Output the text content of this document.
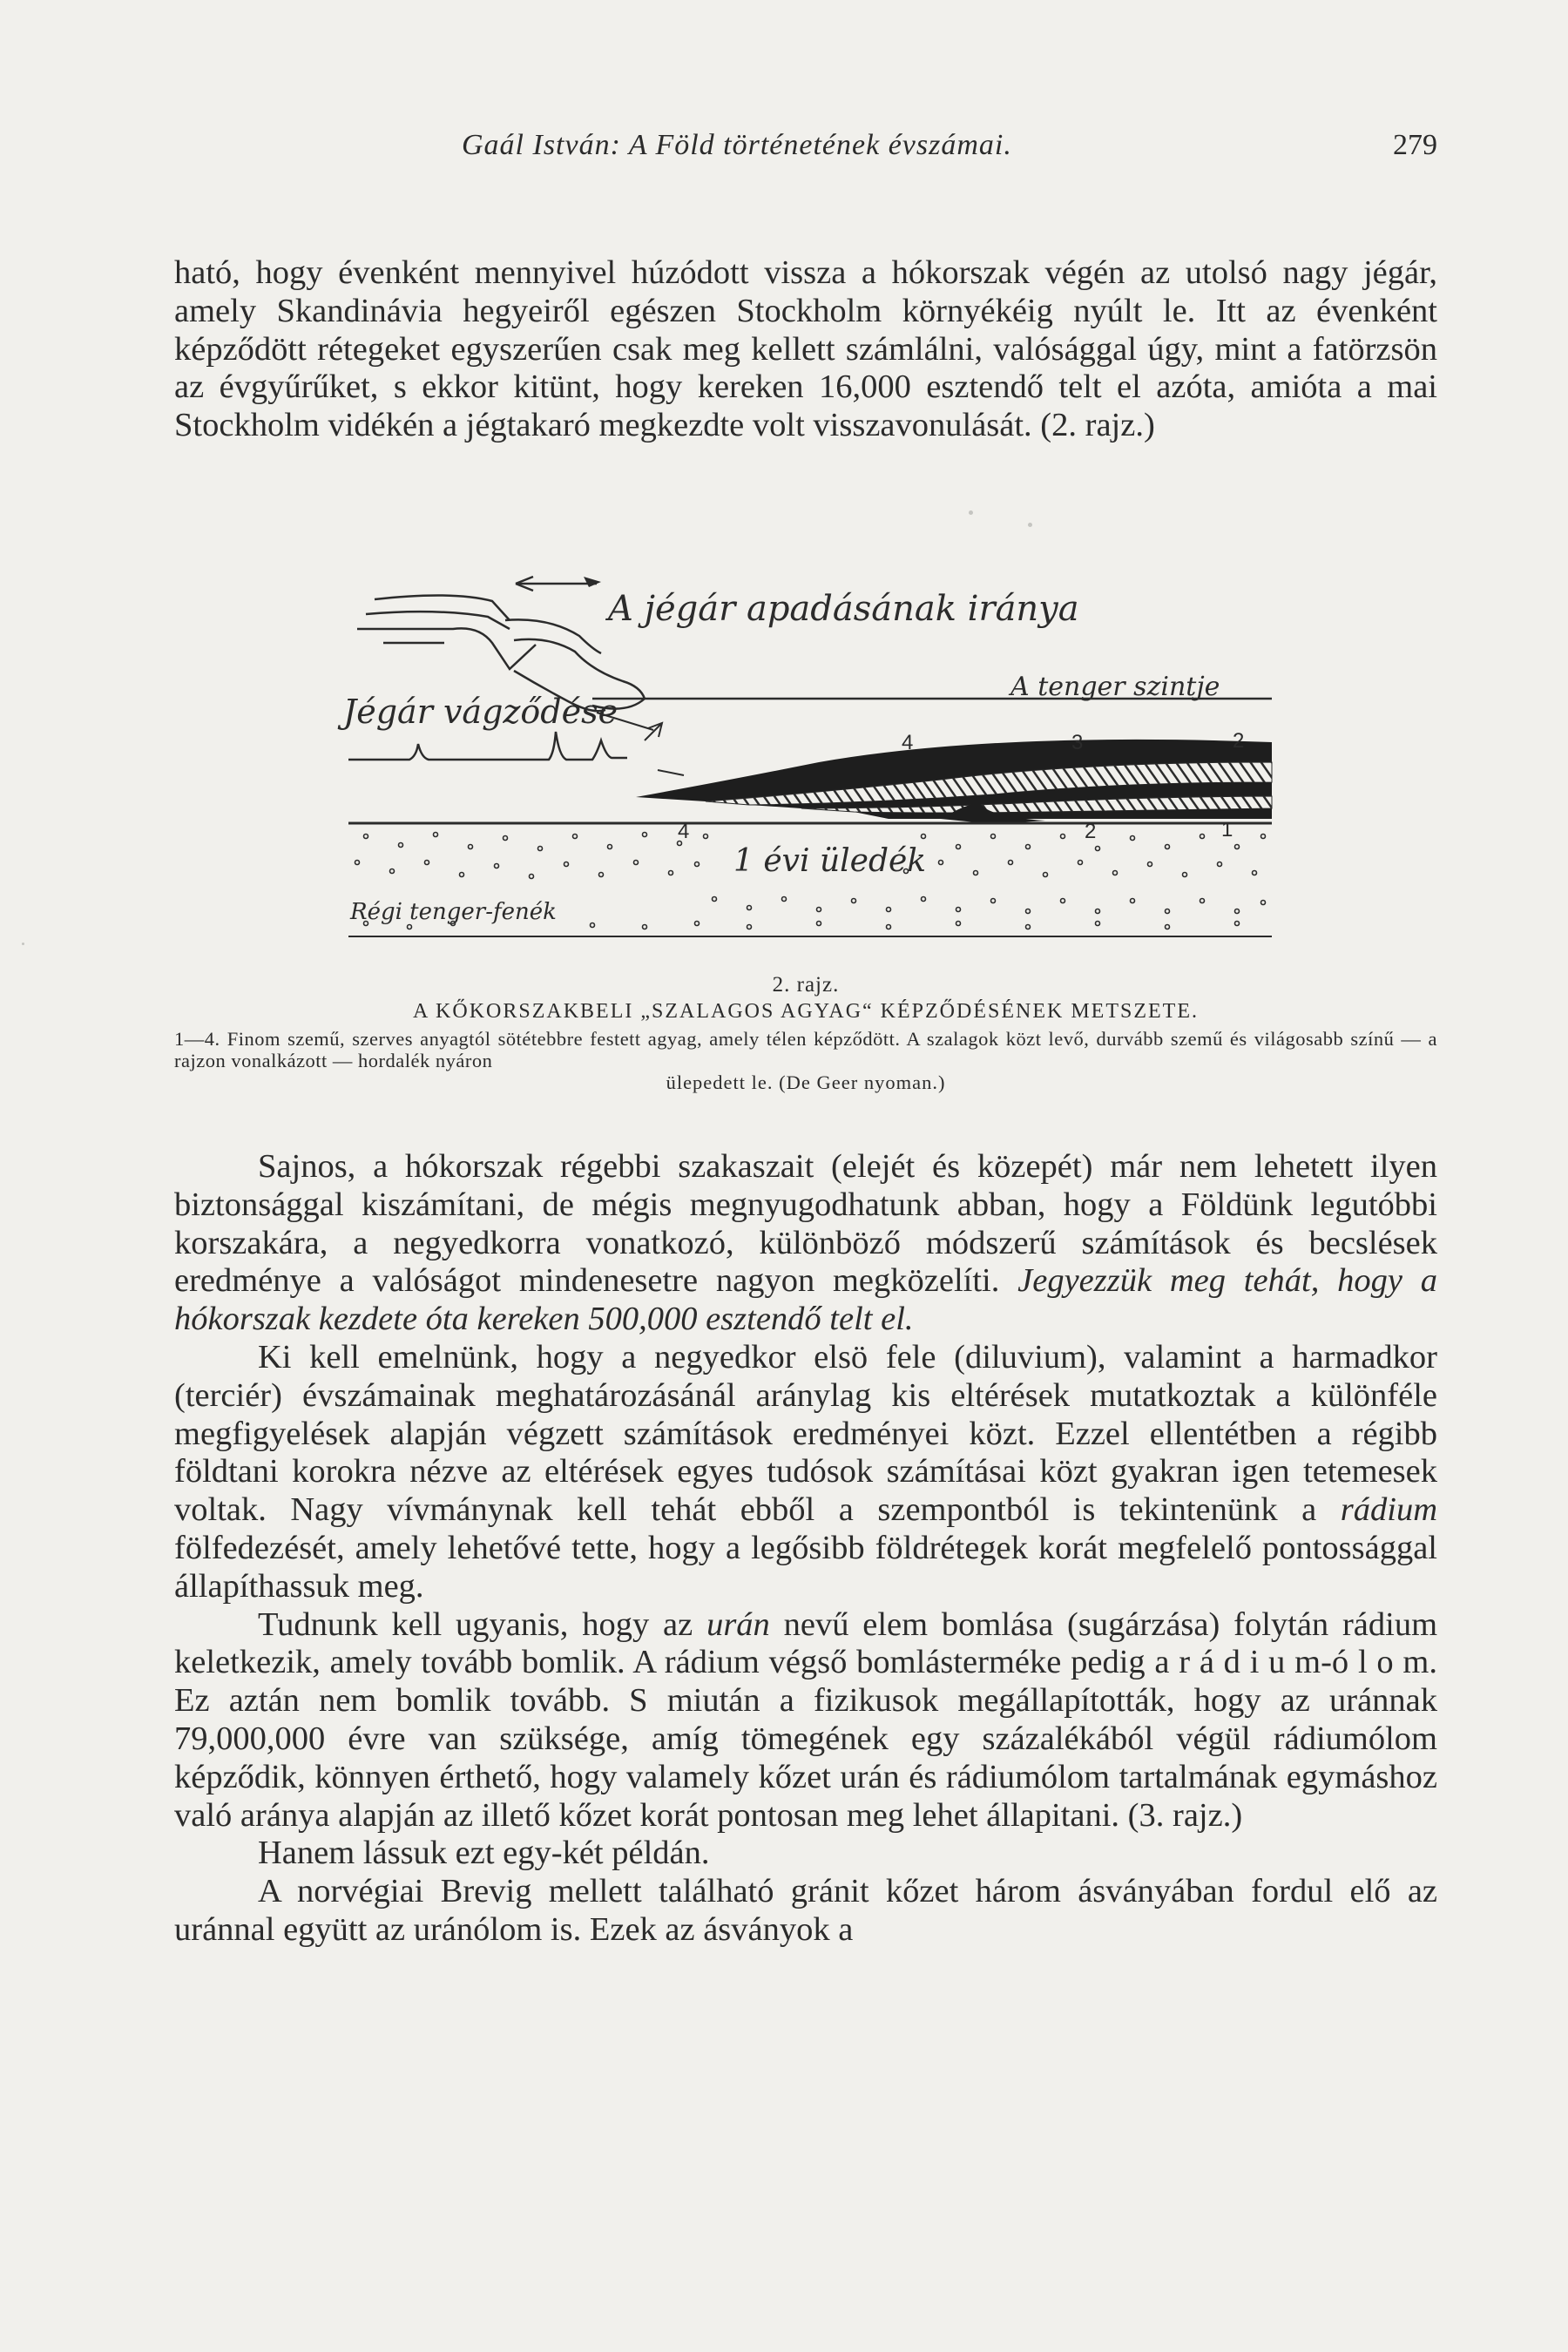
Gaál István: A Föld történetének évszámai.	279

ható, hogy évenként mennyivel húzódott vissza a hókorszak végén az utolsó nagy jégár, amely Skandinávia hegyeiről egészen Stockholm környékéig nyúlt le. Itt az évenként képződött rétegeket egyszerűen csak meg kellett számlálni, valósággal úgy, mint a fatörzsön az évgyűrűket, s ekkor kitünt, hogy kereken 16,000 esztendő telt el azóta, amióta a mai Stockholm vidékén a jégtakaró megkezdte volt visszavonulását. (2. rajz.)

A jégár apadásának iránya
Jégár vágződése
A tenger szintje
1 évi üledék
Régi tenger-fenék
4	3	2
4	2	1
2. rajz.
A KŐKORSZAKBELI „SZALAGOS AGYAG“ KÉPZŐDÉSÉNEK METSZETE.
1—4. Finom szemű, szerves anyagtól sötétebbre festett agyag, amely télen képződött. A szalagok közt levő, durvább szemű és világosabb színű — a rajzon vonalkázott — hordalék nyáron
ülepedett le. (De Geer nyoman.)

Sajnos, a hókorszak régebbi szakaszait (elejét és közepét) már nem lehetett ilyen biztonsággal kiszámítani, de mégis megnyugodhatunk abban, hogy a Földünk legutóbbi korszakára, a negyedkorra vonatkozó, különböző módszerű számítások és becslések eredménye a valóságot mindenesetre nagyon megközelíti. Jegyezzük meg tehát, hogy a hókorszak kezdete óta kereken 500,000 esztendő telt el.

Ki kell emelnünk, hogy a negyedkor elsö fele (diluvium), valamint a harmadkor (terciér) évszámainak meghatározásánál aránylag kis eltérések mutatkoztak a különféle megfigyelések alapján végzett számítások eredményei közt. Ezzel ellentétben a régibb földtani korokra nézve az eltérések egyes tudósok számításai közt gyakran igen tetemesek voltak. Nagy vívmánynak kell tehát ebből a szempontból is tekintenünk a rádium fölfedezését, amely lehetővé tette, hogy a legősibb földrétegek korát megfelelő pontossággal állapíthassuk meg.

Tudnunk kell ugyanis, hogy az urán nevű elem bomlása (sugárzása) folytán rádium keletkezik, amely tovább bomlik. A rádium végső bomlásterméke pedig a r á d i u m-ó l o m. Ez aztán nem bomlik tovább. S miután a fizikusok megállapították, hogy az uránnak 79,000,000 évre van szüksége, amíg tömegének egy százalékából végül rádiumólom képződik, könnyen érthető, hogy valamely kőzet urán és rádiumólom tartalmának egymáshoz való aránya alapján az illető kőzet korát pontosan meg lehet állapitani. (3. rajz.)

Hanem lássuk ezt egy-két példán.

A norvégiai Brevig mellett található gránit kőzet három ásványában fordul elő az uránnal együtt az uránólom is. Ezek az ásványok a
